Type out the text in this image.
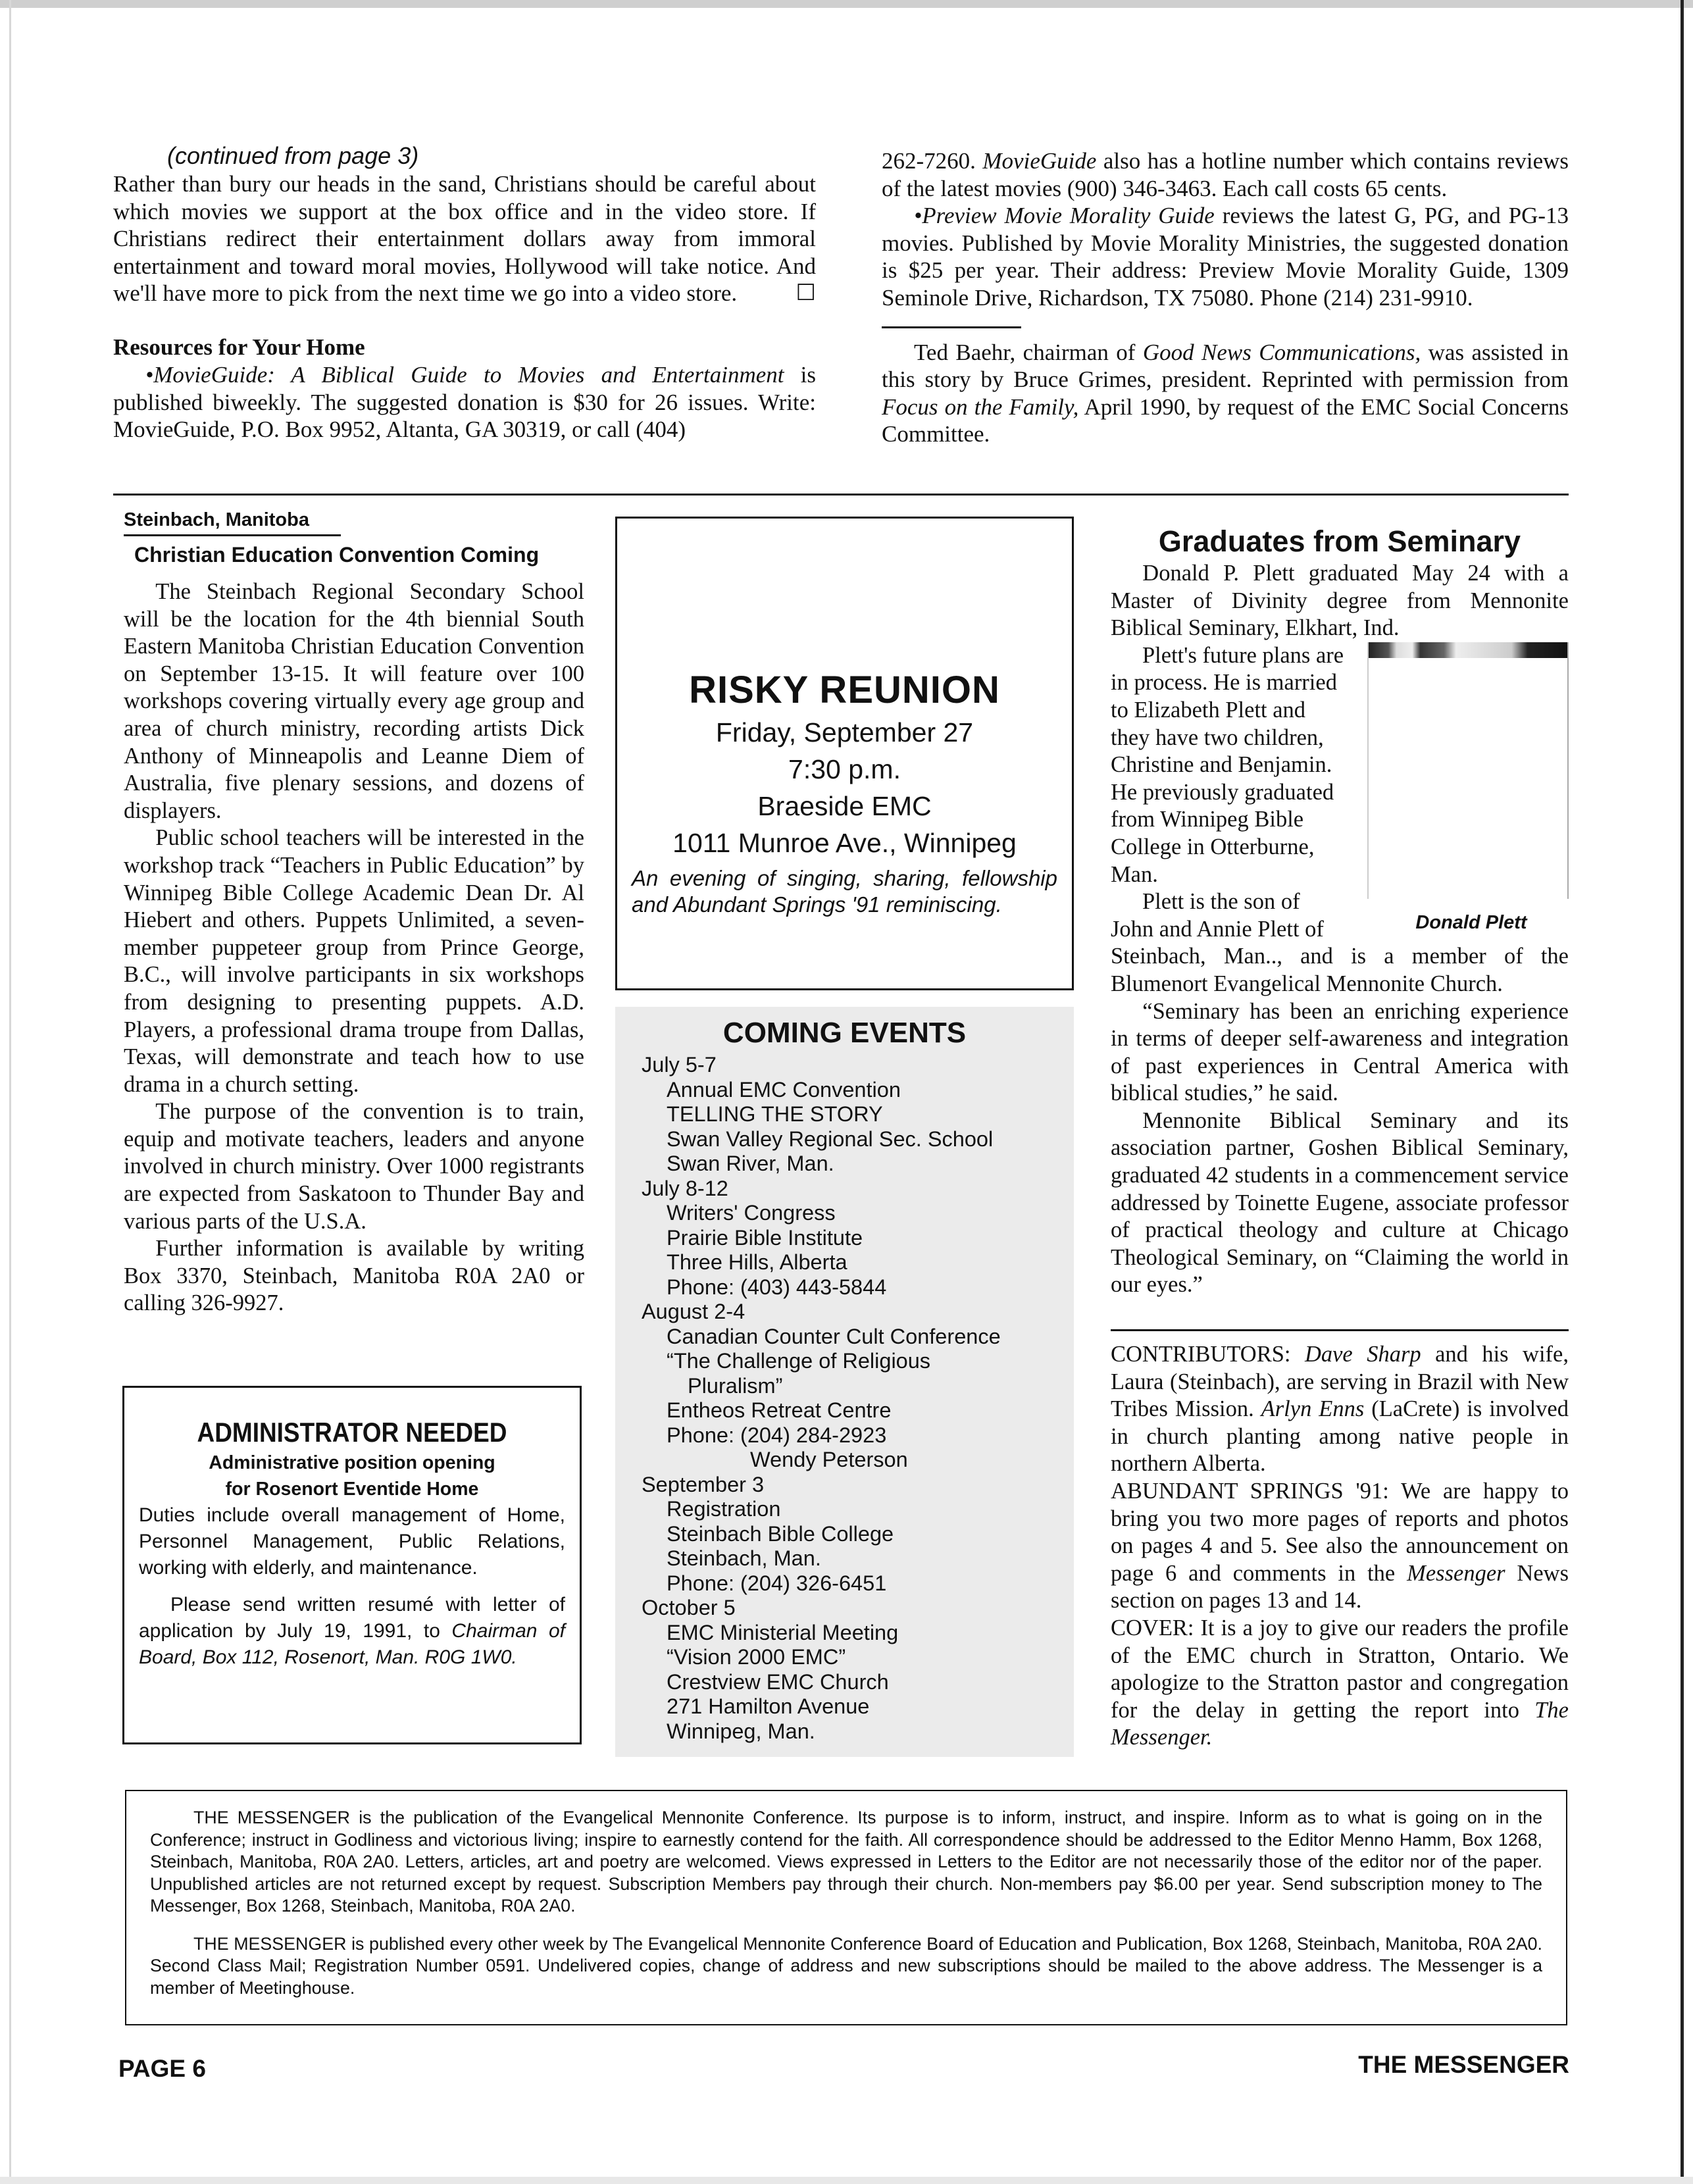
(continued from page 3)
Rather than bury our heads in the sand, Christians should be careful about which movies we support at the box office and in the video store. If Christians redirect their entertainment dollars away from immoral entertainment and toward moral movies, Hollywood will take notice. And we'll have more to pick from the next time we go into a video store.	☐
Resources for Your Home
•MovieGuide: A Biblical Guide to Movies and Entertainment is published biweekly. The suggested donation is $30 for 26 issues. Write: MovieGuide, P.O. Box 9952, Altanta, GA 30319, or call (404)

262-7260. MovieGuide also has a hotline number which contains reviews of the latest movies (900) 346-3463. Each call costs 65 cents.

•Preview Movie Morality Guide reviews the latest G, PG, and PG-13 movies. Published by Movie Morality Ministries, the suggested donation is $25 per year. Their address: Preview Movie Morality Guide, 1309 Seminole Drive, Richardson, TX 75080. Phone (214) 231-9910.

Ted Baehr, chairman of Good News Communications, was assisted in this story by Bruce Grimes, president. Reprinted with permission from Focus on the Family, April 1990, by request of the EMC Social Concerns Committee.

Steinbach, Manitoba
Christian Education Convention Coming

The Steinbach Regional Secondary School will be the location for the 4th biennial South Eastern Manitoba Christian Education Convention on September 13-15. It will feature over 100 workshops covering virtually every age group and area of church ministry, recording artists Dick Anthony of Minneapolis and Leanne Diem of Australia, five plenary sessions, and dozens of displayers.

Public school teachers will be interested in the workshop track “Teachers in Public Education” by Winnipeg Bible College Academic Dean Dr. Al Hiebert and others. Puppets Unlimited, a seven-member puppeteer group from Prince George, B.C., will involve participants in six workshops from designing to presenting puppets. A.D. Players, a professional drama troupe from Dallas, Texas, will demonstrate and teach how to use drama in a church setting.

The purpose of the convention is to train, equip and motivate teachers, leaders and anyone involved in church ministry. Over 1000 registrants are expected from Saskatoon to Thunder Bay and various parts of the U.S.A.

Further information is available by writing Box 3370, Steinbach, Manitoba R0A 2A0 or calling 326-9927.

ADMINISTRATOR NEEDED
Administrative position opening
for Rosenort Eventide Home

Duties include overall management of Home, Personnel Management, Public Relations, working with elderly, and maintenance.

Please send written resumé with letter of application by July 19, 1991, to Chairman of Board, Box 112, Rosenort, Man. R0G 1W0.

RISKY REUNION
Friday, September 27
7:30 p.m.
Braeside EMC
1011 Munroe Ave., Winnipeg

An evening of singing, sharing, fellowship and Abundant Springs '91 reminiscing.

COMING EVENTS
July 5-7
Annual EMC Convention
TELLING THE STORY
Swan Valley Regional Sec. School
Swan River, Man.
July 8-12
Writers' Congress
Prairie Bible Institute
Three Hills, Alberta
Phone: (403) 443-5844
August 2-4
Canadian Counter Cult Conference
“The Challenge of Religious
Pluralism”
Entheos Retreat Centre
Phone: (204) 284-2923
Wendy Peterson
September 3
Registration
Steinbach Bible College
Steinbach, Man.
Phone: (204) 326-6451
October 5
EMC Ministerial Meeting
“Vision 2000 EMC”
Crestview EMC Church
271 Hamilton Avenue
Winnipeg, Man.
Graduates from Seminary

Donald P. Plett graduated May 24 with a Master of Divinity degree from Mennonite Biblical Seminary, Elkhart, Ind.

Plett's future plans are
in process. He is married
to Elizabeth Plett and
they have two children,
Christine and Benjamin.
He previously graduated
from Winnipeg Bible
College in Otterburne,
Man.
Plett is the son of
John and Annie Plett of	Donald Plett

Steinbach, Man.., and is a member of the Blumenort Evangelical Mennonite Church.

“Seminary has been an enriching experience in terms of deeper self-awareness and integration of past experiences in Central America with biblical studies,” he said.

Mennonite Biblical Seminary and its association partner, Goshen Biblical Seminary, graduated 42 students in a commencement service addressed by Toinette Eugene, associate professor of practical theology and culture at Chicago Theological Seminary, on “Claiming the world in our eyes.”

CONTRIBUTORS: Dave Sharp and his wife, Laura (Steinbach), are serving in Brazil with New Tribes Mission. Arlyn Enns (LaCrete) is involved in church planting among native people in northern Alberta.

ABUNDANT SPRINGS '91: We are happy to bring you two more pages of reports and photos on pages 4 and 5. See also the announcement on page 6 and comments in the Messenger News section on pages 13 and 14.

COVER: It is a joy to give our readers the profile of the EMC church in Stratton, Ontario. We apologize to the Stratton pastor and congregation for the delay in getting the report into The Messenger.

THE MESSENGER is the publication of the Evangelical Mennonite Conference. Its purpose is to inform, instruct, and inspire. Inform as to what is going on in the Conference; instruct in Godliness and victorious living; inspire to earnestly contend for the faith. All correspondence should be addressed to the Editor Menno Hamm, Box 1268, Steinbach, Manitoba, R0A 2A0. Letters, articles, art and poetry are welcomed. Views expressed in Letters to the Editor are not necessarily those of the editor nor of the paper. Unpublished articles are not returned except by request. Subscription Members pay through their church. Non-members pay $6.00 per year. Send subscription money to The Messenger, Box 1268, Steinbach, Manitoba, R0A 2A0.

THE MESSENGER is published every other week by The Evangelical Mennonite Conference Board of Education and Publication, Box 1268, Steinbach, Manitoba, R0A 2A0. Second Class Mail; Registration Number 0591. Undelivered copies, change of address and new subscriptions should be mailed to the above address. The Messenger is a member of Meetinghouse.

PAGE 6	THE MESSENGER
